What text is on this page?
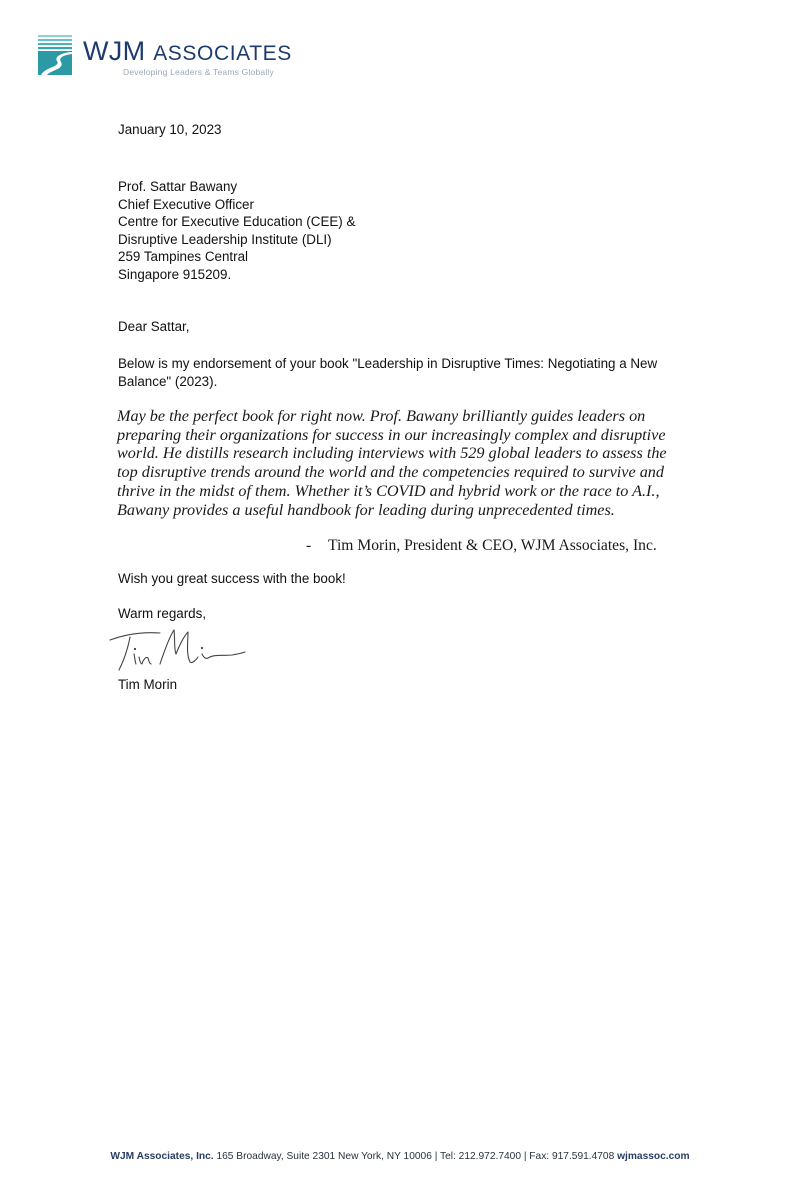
WJM ASSOCIATES
Developing Leaders & Teams Globally
January 10, 2023
Prof. Sattar Bawany
Chief Executive Officer
Centre for Executive Education (CEE) &
Disruptive Leadership Institute (DLI)
259 Tampines Central
Singapore 915209.
Dear Sattar,
Below is my endorsement of your book "Leadership in Disruptive Times: Negotiating a New Balance" (2023).
May be the perfect book for right now. Prof. Bawany brilliantly guides leaders on preparing their organizations for success in our increasingly complex and disruptive world. He distills research including interviews with 529 global leaders to assess the top disruptive trends around the world and the competencies required to survive and thrive in the midst of them. Whether it’s COVID and hybrid work or the race to A.I., Bawany provides a useful handbook for leading during unprecedented times.
- Tim Morin, President & CEO, WJM Associates, Inc.
Wish you great success with the book!
Warm regards,
Tim Morin
WJM Associates, Inc. 165 Broadway, Suite 2301 New York, NY 10006 | Tel: 212.972.7400 | Fax: 917.591.4708 wjmassoc.com
